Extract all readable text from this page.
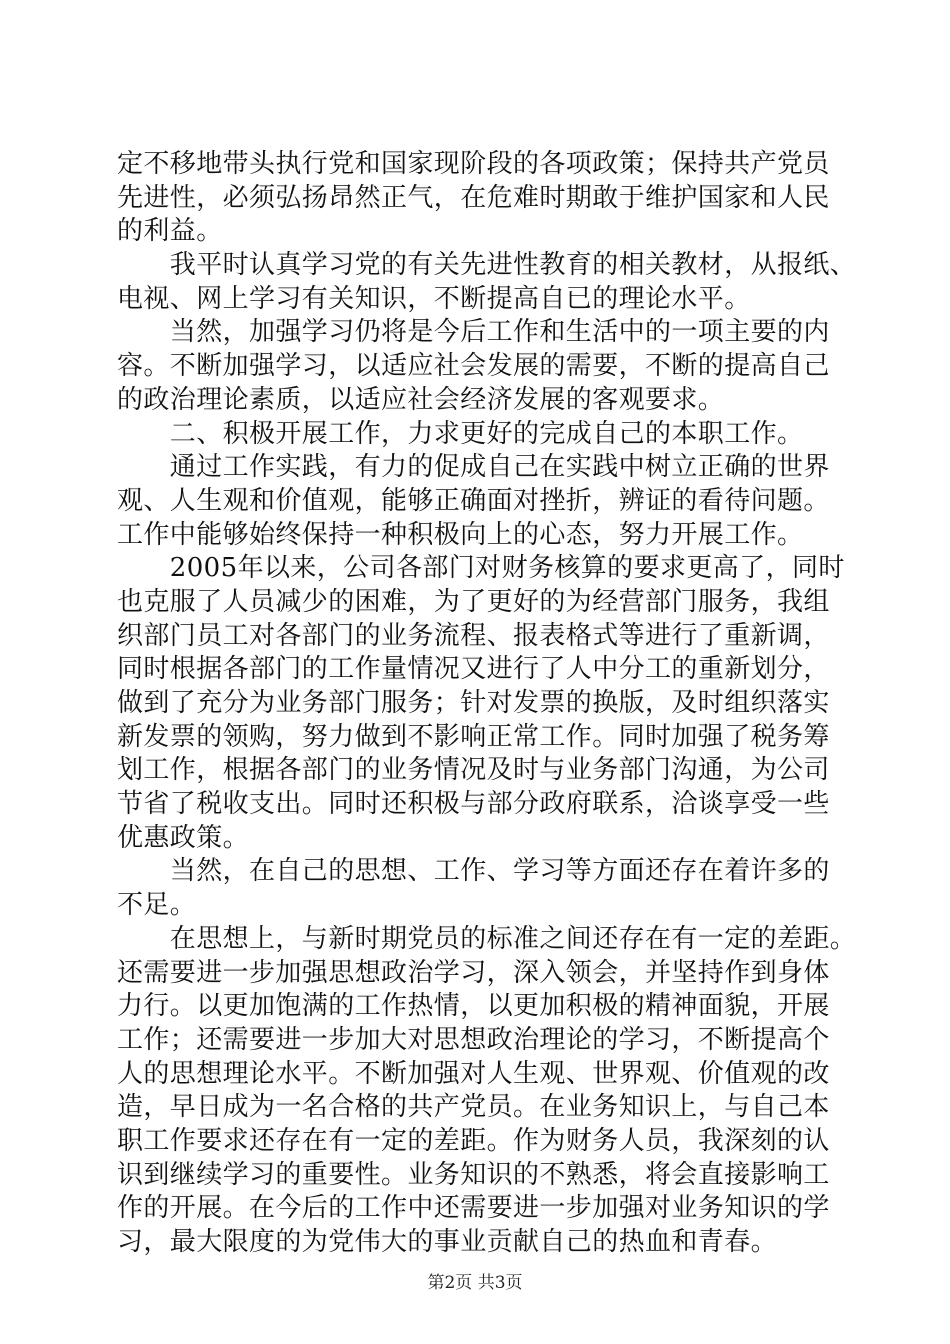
定不移地带头执行党和国家现阶段的各项政策；保持共产党员
先进性，必须弘扬昂然正气，在危难时期敢于维护国家和人民
的利益。
　　我平时认真学习党的有关先进性教育的相关教材，从报纸、
电视、网上学习有关知识，不断提高自已的理论水平。
　　当然，加强学习仍将是今后工作和生活中的一项主要的内
容。不断加强学习，以适应社会发展的需要，不断的提高自己
的政治理论素质，以适应社会经济发展的客观要求。
　　二、积极开展工作，力求更好的完成自己的本职工作。
　　通过工作实践，有力的促成自己在实践中树立正确的世界
观、人生观和价值观，能够正确面对挫折，辨证的看待问题。
工作中能够始终保持一种积极向上的心态，努力开展工作。
　　2005年以来，公司各部门对财务核算的要求更高了，同时
也克服了人员减少的困难，为了更好的为经营部门服务，我组
织部门员工对各部门的业务流程、报表格式等进行了重新调，
同时根据各部门的工作量情况又进行了人中分工的重新划分，
做到了充分为业务部门服务；针对发票的换版，及时组织落实
新发票的领购，努力做到不影响正常工作。同时加强了税务筹
划工作，根据各部门的业务情况及时与业务部门沟通，为公司
节省了税收支出。同时还积极与部分政府联系，洽谈享受一些
优惠政策。
　　当然，在自己的思想、工作、学习等方面还存在着许多的
不足。
　　在思想上，与新时期党员的标准之间还存在有一定的差距。
还需要进一步加强思想政治学习，深入领会，并坚持作到身体
力行。以更加饱满的工作热情，以更加积极的精神面貌，开展
工作；还需要进一步加大对思想政治理论的学习，不断提高个
人的思想理论水平。不断加强对人生观、世界观、价值观的改
造，早日成为一名合格的共产党员。在业务知识上，与自己本
职工作要求还存在有一定的差距。作为财务人员，我深刻的认
识到继续学习的重要性。业务知识的不熟悉，将会直接影响工
作的开展。在今后的工作中还需要进一步加强对业务知识的学
习，最大限度的为党伟大的事业贡献自己的热血和青春。
第2页 共3页
